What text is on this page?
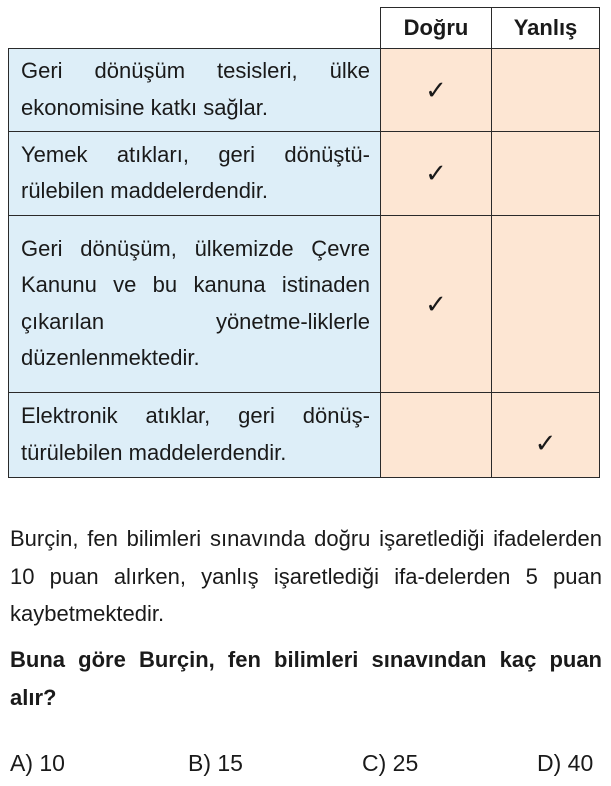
	Doğru	Yanlış
Geri dönüşüm tesisleri, ülke ekonomisine katkı sağlar.	✓	
Yemek atıkları, geri dönüştü-rülebilen maddelerdendir.	✓	
Geri dönüşüm, ülkemizde Çevre Kanunu ve bu kanuna istinaden çıkarılan yönetme-liklerle düzenlenmektedir.	✓	
Elektronik atıklar, geri dönüş-türülebilen maddelerdendir.		✓
Burçin, fen bilimleri sınavında doğru işaretlediği ifadelerden 10 puan alırken, yanlış işaretlediği ifa-delerden 5 puan kaybetmektedir.
Buna göre Burçin, fen bilimleri sınavından kaç puan alır?
A) 10	B) 15	C) 25	D) 40
